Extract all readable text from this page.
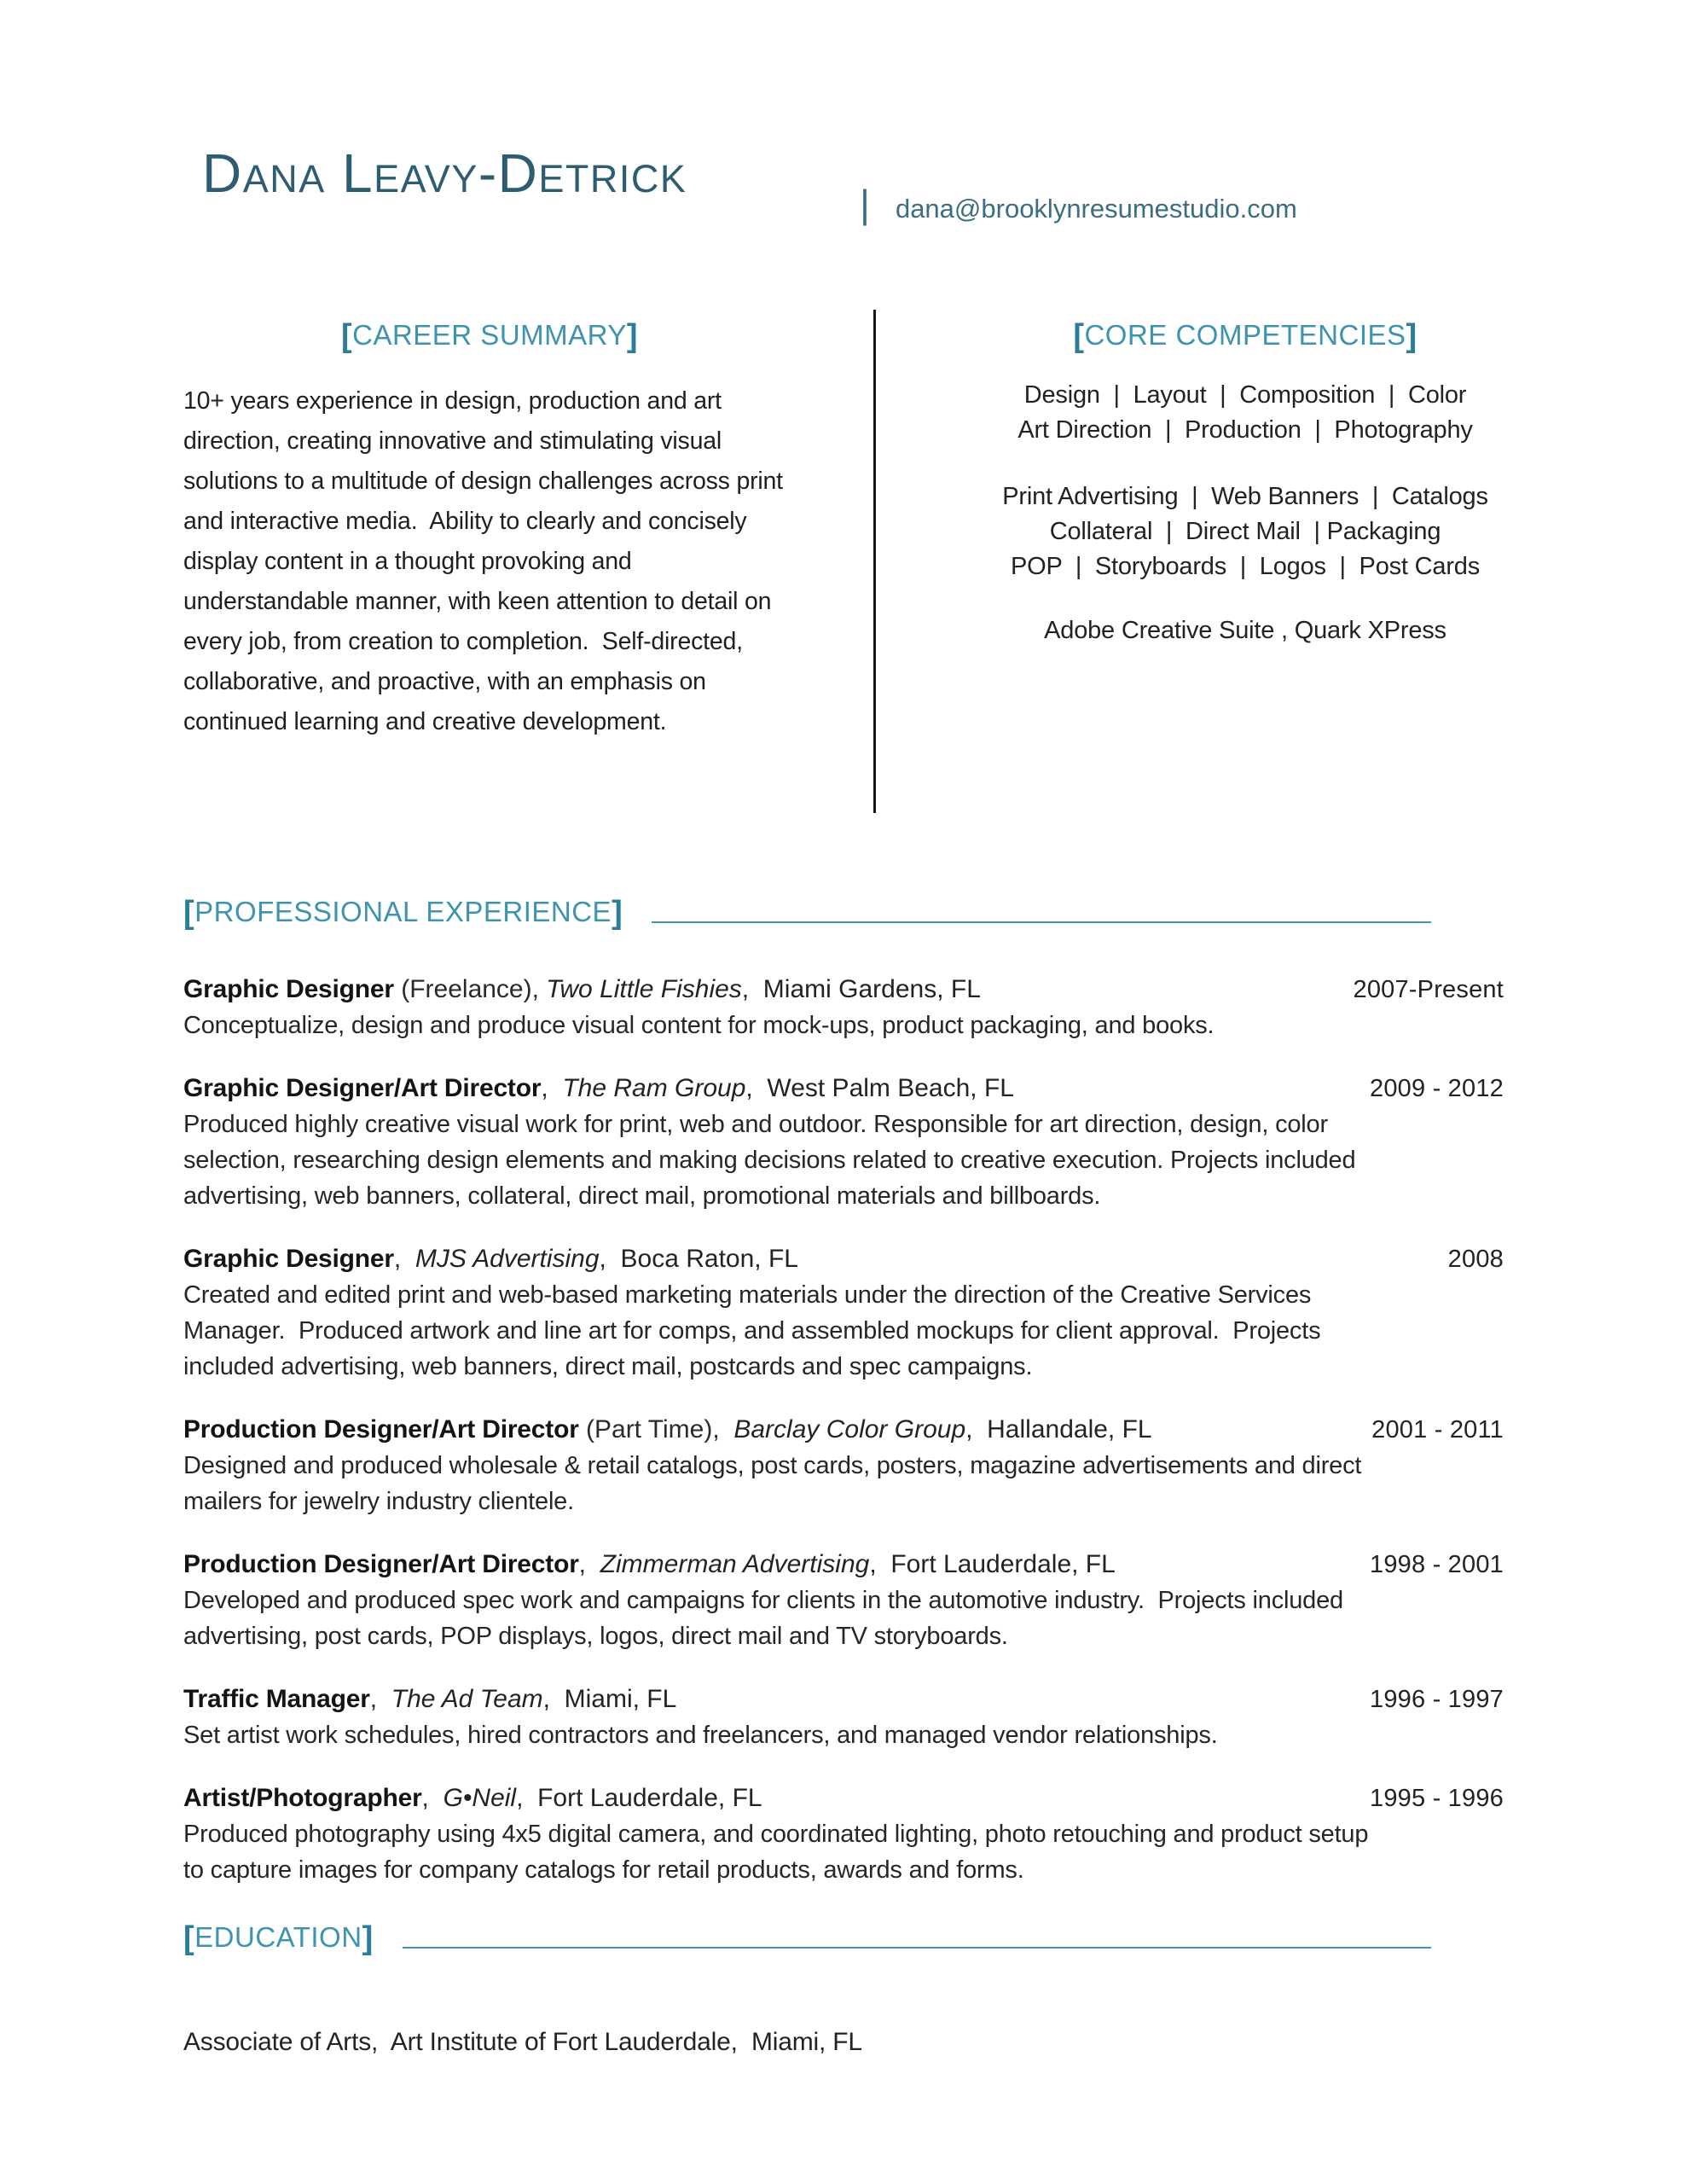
Dana Leavy-Detrick	| dana@brooklynresumestudio.com
[CAREER SUMMARY]
10+ years experience in design, production and art direction, creating innovative and stimulating visual solutions to a multitude of design challenges across print and interactive media.  Ability to clearly and concisely display content in a thought provoking and understandable manner, with keen attention to detail on every job, from creation to completion.  Self-directed, collaborative, and proactive, with an emphasis on continued learning and creative development.
[CORE COMPETENCIES]
Design  |  Layout  |  Composition  |  Color
Art Direction  |  Production  |  Photography
Print Advertising  |  Web Banners  |  Catalogs
Collateral  |  Direct Mail  | Packaging
POP  |  Storyboards  |  Logos  |  Post Cards
Adobe Creative Suite , Quark XPress
[PROFESSIONAL EXPERIENCE]
Graphic Designer (Freelance), Two Little Fishies ,  Miami Gardens, FL	2007-Present
Conceptualize, design and produce visual content for mock-ups, product packaging, and books.
Graphic Designer/Art Director , The Ram Group ,  West Palm Beach, FL	2009 - 2012
Produced highly creative visual work for print, web and outdoor. Responsible for art direction, design, color selection, researching design elements and making decisions related to creative execution. Projects included advertising, web banners, collateral, direct mail, promotional materials and billboards.
Graphic Designer , MJS Advertising ,  Boca Raton, FL	2008
Created and edited print and web-based marketing materials under the direction of the Creative Services Manager.  Produced artwork and line art for comps, and assembled mockups for client approval.  Projects included advertising, web banners, direct mail, postcards and spec campaigns.
Production Designer/Art Director (Part Time), Barclay Color Group ,  Hallandale, FL	2001 - 2011
Designed and produced wholesale & retail catalogs, post cards, posters, magazine advertisements and direct mailers for jewelry industry clientele.
Production Designer/Art Director , Zimmerman Advertising ,  Fort Lauderdale, FL	1998 - 2001
Developed and produced spec work and campaigns for clients in the automotive industry.  Projects included advertising, post cards, POP displays, logos, direct mail and TV storyboards.
Traffic Manager , The Ad Team ,  Miami, FL	1996 - 1997
Set artist work schedules, hired contractors and freelancers, and managed vendor relationships.
Artist/Photographer , G•Neil ,  Fort Lauderdale, FL	1995 - 1996
Produced photography using 4x5 digital camera, and coordinated lighting, photo retouching and product setup to capture images for company catalogs for retail products, awards and forms.
[EDUCATION]
Associate of Arts,  Art Institute of Fort Lauderdale,  Miami, FL
